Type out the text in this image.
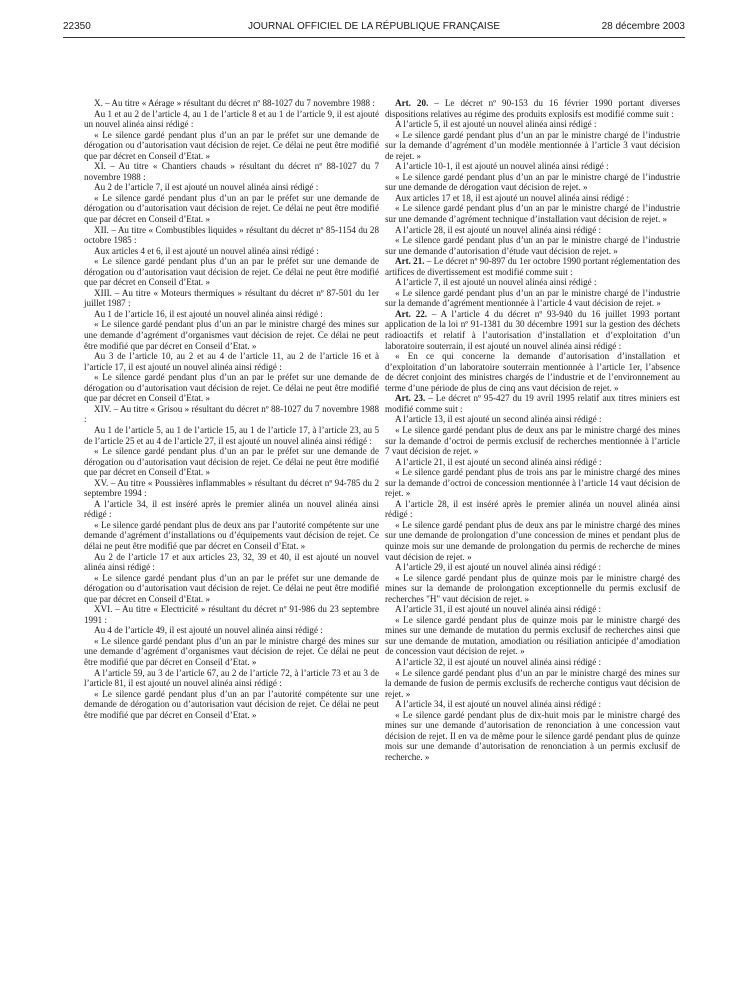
22350	JOURNAL OFFICIEL DE LA RÉPUBLIQUE FRANÇAISE	28 décembre 2003

X. – Au titre « Aérage » résultant du décret nº 88-1027 du 7 novembre 1988 :

Au 1 et au 2 de l’article 4, au 1 de l’article 8 et au 1 de l’article 9, il est ajouté un nouvel alinéa ainsi rédigé :

« Le silence gardé pendant plus d’un an par le préfet sur une demande de dérogation ou d’autorisation vaut décision de rejet. Ce délai ne peut être modifié que par décret en Conseil d’Etat. »

XI. – Au titre « Chantiers chauds » résultant du décret nº 88-1027 du 7 novembre 1988 :

Au 2 de l’article 7, il est ajouté un nouvel alinéa ainsi rédigé :

« Le silence gardé pendant plus d’un an par le préfet sur une demande de dérogation ou d’autorisation vaut décision de rejet. Ce délai ne peut être modifié que par décret en Conseil d’Etat. »

XII. – Au titre « Combustibles liquides » résultant du décret nº 85-1154 du 28 octobre 1985 :

Aux articles 4 et 6, il est ajouté un nouvel alinéa ainsi rédigé :

« Le silence gardé pendant plus d’un an par le préfet sur une demande de dérogation ou d’autorisation vaut décision de rejet. Ce délai ne peut être modifié que par décret en Conseil d’Etat. »

XIII. – Au titre « Moteurs thermiques » résultant du décret nº 87-501 du 1er juillet 1987 :

Au 1 de l’article 16, il est ajouté un nouvel alinéa ainsi rédigé :

« Le silence gardé pendant plus d’un an par le ministre chargé des mines sur une demande d’agrément d’organismes vaut décision de rejet. Ce délai ne peut être modifié que par décret en Conseil d’Etat. »

Au 3 de l’article 10, au 2 et au 4 de l’article 11, au 2 de l’article 16 et à l’article 17, il est ajouté un nouvel alinéa ainsi rédigé :

« Le silence gardé pendant plus d’un an par le préfet sur une demande de dérogation ou d’autorisation vaut décision de rejet. Ce délai ne peut être modifié que par décret en Conseil d’Etat. »

XIV. – Au titre « Grisou » résultant du décret nº 88-1027 du 7 novembre 1988 :

Au 1 de l’article 5, au 1 de l’article 15, au 1 de l’article 17, à l’article 23, au 5 de l’article 25 et au 4 de l’article 27, il est ajouté un nouvel alinéa ainsi rédigé :

« Le silence gardé pendant plus d’un an par le préfet sur une demande de dérogation ou d’autorisation vaut décision de rejet. Ce délai ne peut être modifié que par décret en Conseil d’Etat. »

XV. – Au titre « Poussières inflammables » résultant du décret nº 94-785 du 2 septembre 1994 :

A l’article 34, il est inséré après le premier alinéa un nouvel alinéa ainsi rédigé :

« Le silence gardé pendant plus de deux ans par l’autorité compétente sur une demande d’agrément d’installations ou d’équipements vaut décision de rejet. Ce délai ne peut être modifié que par décret en Conseil d’Etat. »

Au 2 de l’article 17 et aux articles 23, 32, 39 et 40, il est ajouté un nouvel alinéa ainsi rédigé :

« Le silence gardé pendant plus d’un an par le préfet sur une demande de dérogation ou d’autorisation vaut décision de rejet. Ce délai ne peut être modifié que par décret en Conseil d’Etat. »

XVI. – Au titre « Electricité » résultant du décret nº 91-986 du 23 septembre 1991 :

Au 4 de l’article 49, il est ajouté un nouvel alinéa ainsi rédigé :

« Le silence gardé pendant plus d’un an par le ministre chargé des mines sur une demande d’agrément d’organismes vaut décision de rejet. Ce délai ne peut être modifié que par décret en Conseil d’Etat. »

A l’article 59, au 3 de l’article 67, au 2 de l’article 72, à l’article 73 et au 3 de l’article 81, il est ajouté un nouvel alinéa ainsi rédigé :

« Le silence gardé pendant plus d’un an par l’autorité compétente sur une demande de dérogation ou d’autorisation vaut décision de rejet. Ce délai ne peut être modifié que par décret en Conseil d’Etat. »

Art. 20. – Le décret nº 90-153 du 16 février 1990 portant diverses dispositions relatives au régime des produits explosifs est modifié comme suit :

A l’article 5, il est ajouté un nouvel alinéa ainsi rédigé :

« Le silence gardé pendant plus d’un an par le ministre chargé de l’industrie sur la demande d’agrément d’un modèle mentionnée à l’article 3 vaut décision de rejet. »

A l’article 10-1, il est ajouté un nouvel alinéa ainsi rédigé :

« Le silence gardé pendant plus d’un an par le ministre chargé de l’industrie sur une demande de dérogation vaut décision de rejet. »

Aux articles 17 et 18, il est ajouté un nouvel alinéa ainsi rédigé :

« Le silence gardé pendant plus d’un an par le ministre chargé de l’industrie sur une demande d’agrément technique d’installation vaut décision de rejet. »

A l’article 28, il est ajouté un nouvel alinéa ainsi rédigé :

« Le silence gardé pendant plus d’un an par le ministre chargé de l’industrie sur une demande d’autorisation d’étude vaut décision de rejet. »

Art. 21. – Le décret nº 90-897 du 1er octobre 1990 portant réglementation des artifices de divertissement est modifié comme suit :

A l’article 7, il est ajouté un nouvel alinéa ainsi rédigé :

« Le silence gardé pendant plus d’un an par le ministre chargé de l’industrie sur la demande d’agrément mentionnée à l’article 4 vaut décision de rejet. »

Art. 22. – A l’article 4 du décret nº 93-940 du 16 juillet 1993 portant application de la loi nº 91-1381 du 30 décembre 1991 sur la gestion des déchets radioactifs et relatif à l’autorisation d’installation et d’exploitation d’un laboratoire souterrain, il est ajouté un nouvel alinéa ainsi rédigé :

« En ce qui concerne la demande d’autorisation d’installation et d’exploitation d’un laboratoire souterrain mentionnée à l’article 1er, l’absence de décret conjoint des ministres chargés de l’industrie et de l’environnement au terme d’une période de plus de cinq ans vaut décision de rejet. »

Art. 23. – Le décret nº 95-427 du 19 avril 1995 relatif aux titres miniers est modifié comme suit :

A l’article 13, il est ajouté un second alinéa ainsi rédigé :

« Le silence gardé pendant plus de deux ans par le ministre chargé des mines sur la demande d’octroi de permis exclusif de recherches mentionnée à l’article 7 vaut décision de rejet. »

A l’article 21, il est ajouté un second alinéa ainsi rédigé :

« Le silence gardé pendant plus de trois ans par le ministre chargé des mines sur la demande d’octroi de concession mentionnée à l’article 14 vaut décision de rejet. »

A l’article 28, il est inséré après le premier alinéa un nouvel alinéa ainsi rédigé :

« Le silence gardé pendant plus de deux ans par le ministre chargé des mines sur une demande de prolongation d’une concession de mines et pendant plus de quinze mois sur une demande de prolongation du permis de recherche de mines vaut décision de rejet. »

A l’article 29, il est ajouté un nouvel alinéa ainsi rédigé :

« Le silence gardé pendant plus de quinze mois par le ministre chargé des mines sur la demande de prolongation exceptionnelle du permis exclusif de recherches "H" vaut décision de rejet. »

A l’article 31, il est ajouté un nouvel alinéa ainsi rédigé :

« Le silence gardé pendant plus de quinze mois par le ministre chargé des mines sur une demande de mutation du permis exclusif de recherches ainsi que sur une demande de mutation, amodiation ou résiliation anticipée d’amodiation de concession vaut décision de rejet. »

A l’article 32, il est ajouté un nouvel alinéa ainsi rédigé :

« Le silence gardé pendant plus d’un an par le ministre chargé des mines sur la demande de fusion de permis exclusifs de recherche contigus vaut décision de rejet. »

A l’article 34, il est ajouté un nouvel alinéa ainsi rédigé :

« Le silence gardé pendant plus de dix-huit mois par le ministre chargé des mines sur une demande d’autorisation de renonciation à une concession vaut décision de rejet. Il en va de même pour le silence gardé pendant plus de quinze mois sur une demande d’autorisation de renonciation à un permis exclusif de recherche. »
